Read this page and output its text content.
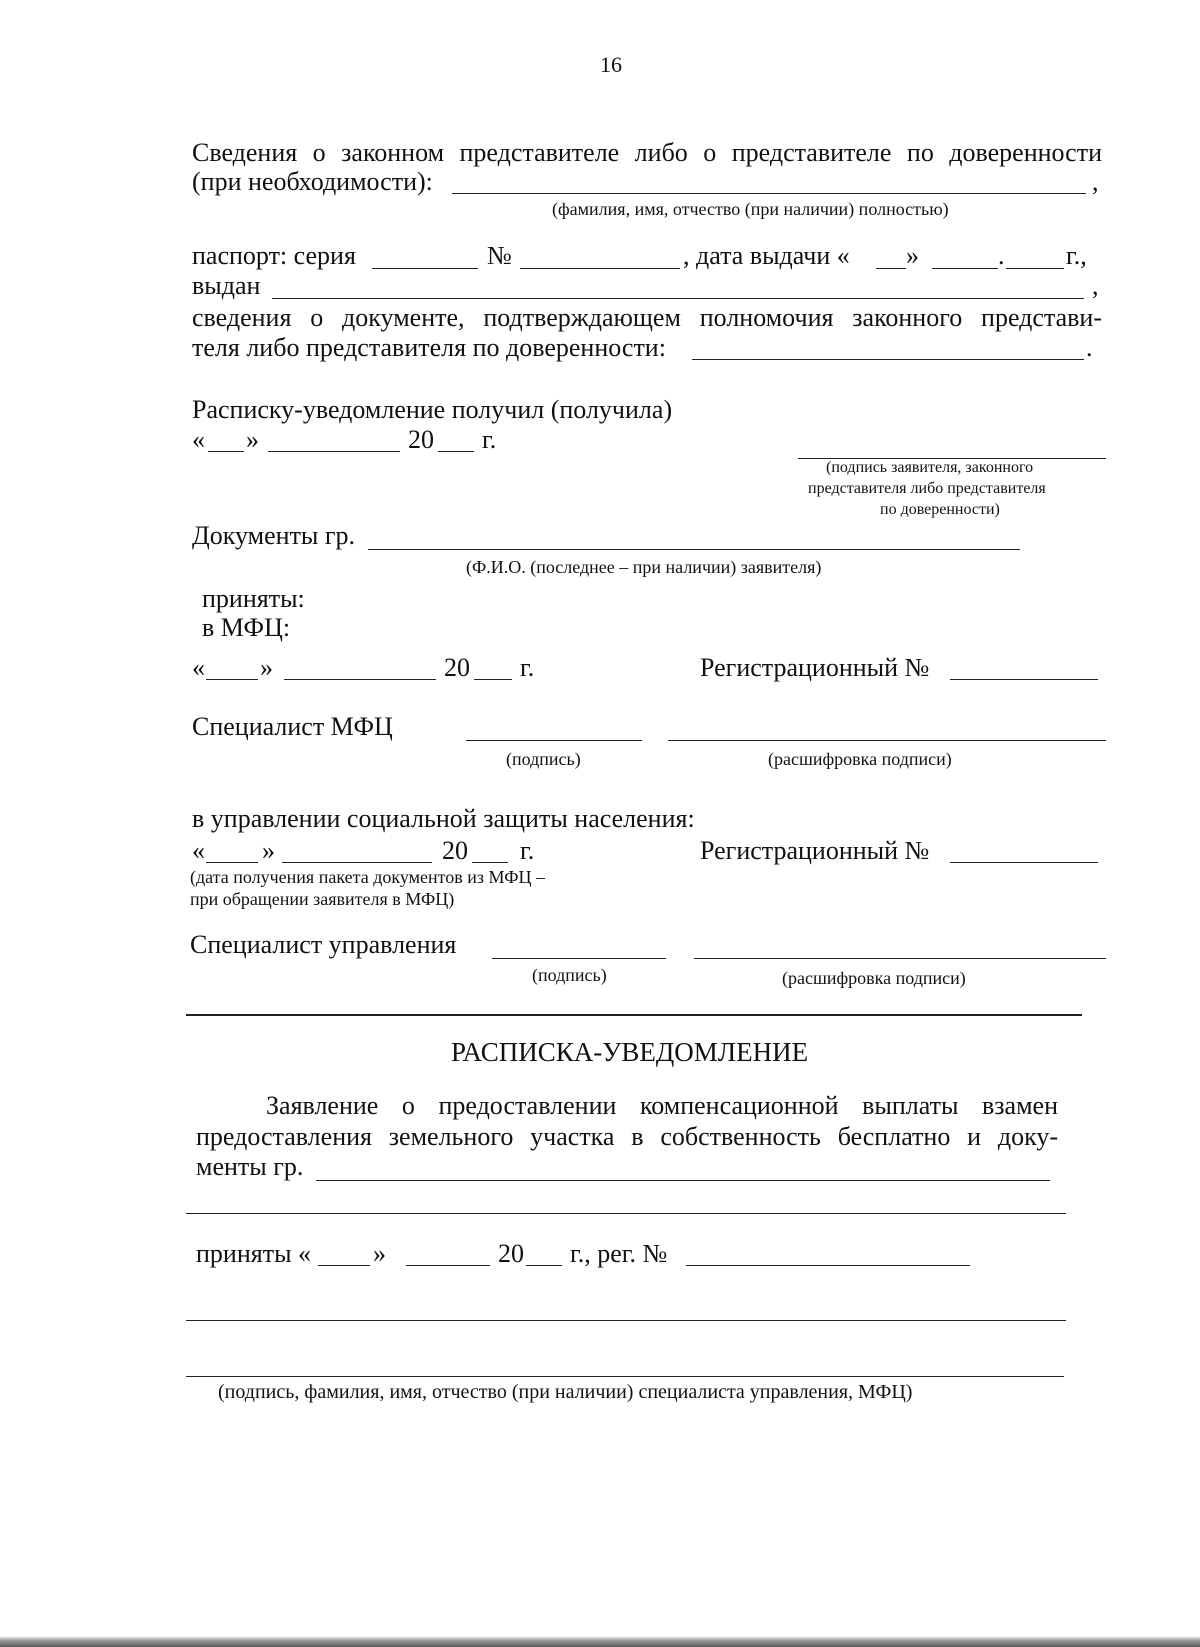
16
Сведения о законном представителе либо о представителе по доверенности
(при необходимости):	,
(фамилия, имя, отчество (при наличии) полностью)
паспорт: серия	№	, дата выдачи « »	. г.,
выдан	,
сведения о документе, подтверждающем полномочия законного представи-
теля либо представителя по доверенности:	.
Расписку-уведомление получил (получила)
« »	20 г.
(подпись заявителя, законного
представителя либо представителя
по доверенности)
Документы гр.
(Ф.И.О. (последнее – при наличии) заявителя)
приняты:
в МФЦ:
« »	20 г.	Регистрационный №
Специалист МФЦ
(подпись)	(расшифровка подписи)
в управлении социальной защиты населения:
« »	20 г.	Регистрационный №
(дата получения пакета документов из МФЦ –
при обращении заявителя в МФЦ)
Специалист управления
(подпись)	(расшифровка подписи)
РАСПИСКА-УВЕДОМЛЕНИЕ
Заявление о предоставлении компенсационной выплаты взамен
предоставления земельного участка в собственность бесплатно и доку-
менты гр.
приняты « »	20 г., рег. №
(подпись, фамилия, имя, отчество (при наличии) специалиста управления, МФЦ)
